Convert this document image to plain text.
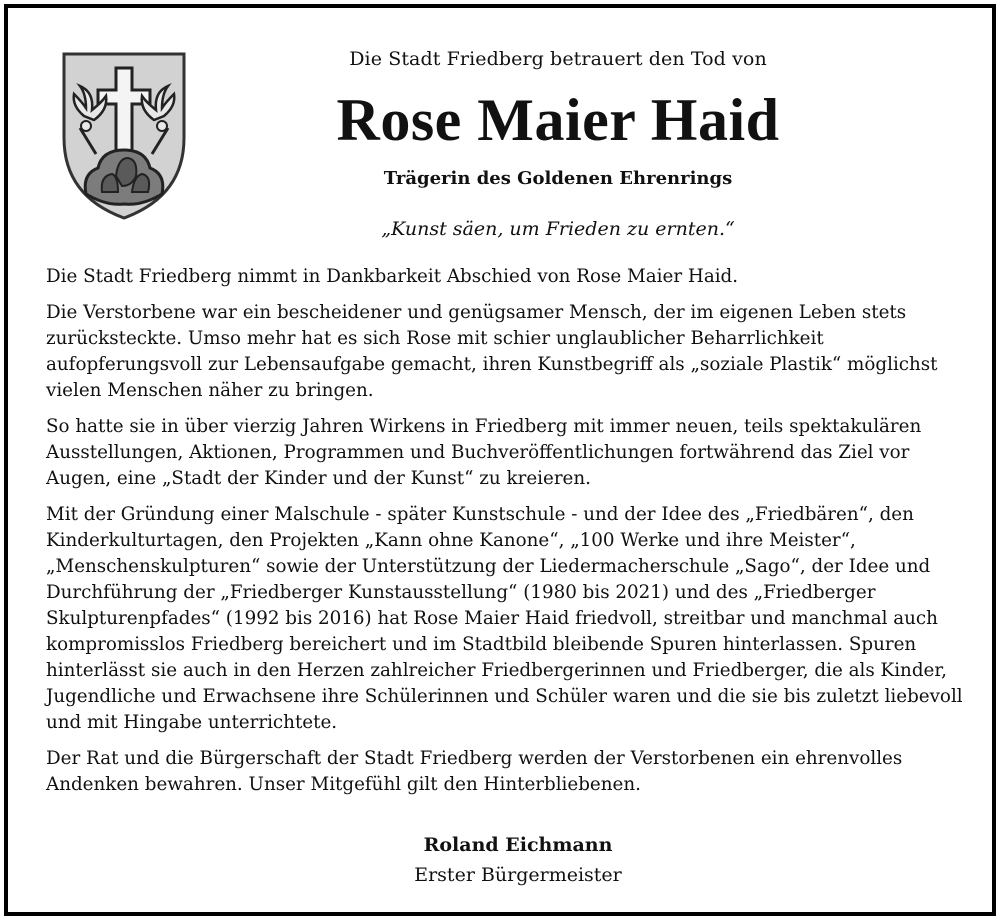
Die Stadt Friedberg betrauert den Tod von
Rose Maier Haid
Trägerin des Goldenen Ehrenrings
„Kunst säen, um Frieden zu ernten.“

Die Stadt Friedberg nimmt in Dankbarkeit Abschied von Rose Maier Haid.

Die Verstorbene war ein bescheidener und genügsamer Mensch, der im eigenen Leben stets zurücksteckte. Umso mehr hat es sich Rose mit schier unglaublicher Beharrlichkeit aufopferungsvoll zur Lebensaufgabe gemacht, ihren Kunstbegriff als „soziale Plastik“ möglichst vielen Menschen näher zu bringen.

So hatte sie in über vierzig Jahren Wirkens in Friedberg mit immer neuen, teils spektakulären Ausstellungen, Aktionen, Programmen und Buchveröffentlichungen fortwährend das Ziel vor Augen, eine „Stadt der Kinder und der Kunst“ zu kreieren.

Mit der Gründung einer Malschule - später Kunstschule - und der Idee des „Friedbären“, den Kinderkulturtagen, den Projekten „Kann ohne Kanone“, „100 Werke und ihre Meister“, „Menschenskulpturen“ sowie der Unterstützung der Liedermacherschule „Sago“, der Idee und Durchführung der „Friedberger Kunstausstellung“ (1980 bis 2021) und des „Friedberger Skulpturenpfades“ (1992 bis 2016) hat Rose Maier Haid friedvoll, streitbar und manchmal auch kompromisslos Friedberg bereichert und im Stadtbild bleibende Spuren hinterlassen. Spuren hinterlässt sie auch in den Herzen zahlreicher Friedbergerinnen und Friedberger, die als Kinder, Jugendliche und Erwachsene ihre Schülerinnen und Schüler waren und die sie bis zuletzt liebevoll und mit Hingabe unterrichtete.

Der Rat und die Bürgerschaft der Stadt Friedberg werden der Verstorbenen ein ehrenvolles Andenken bewahren. Unser Mitgefühl gilt den Hinterbliebenen.

Roland Eichmann
Erster Bürgermeister
